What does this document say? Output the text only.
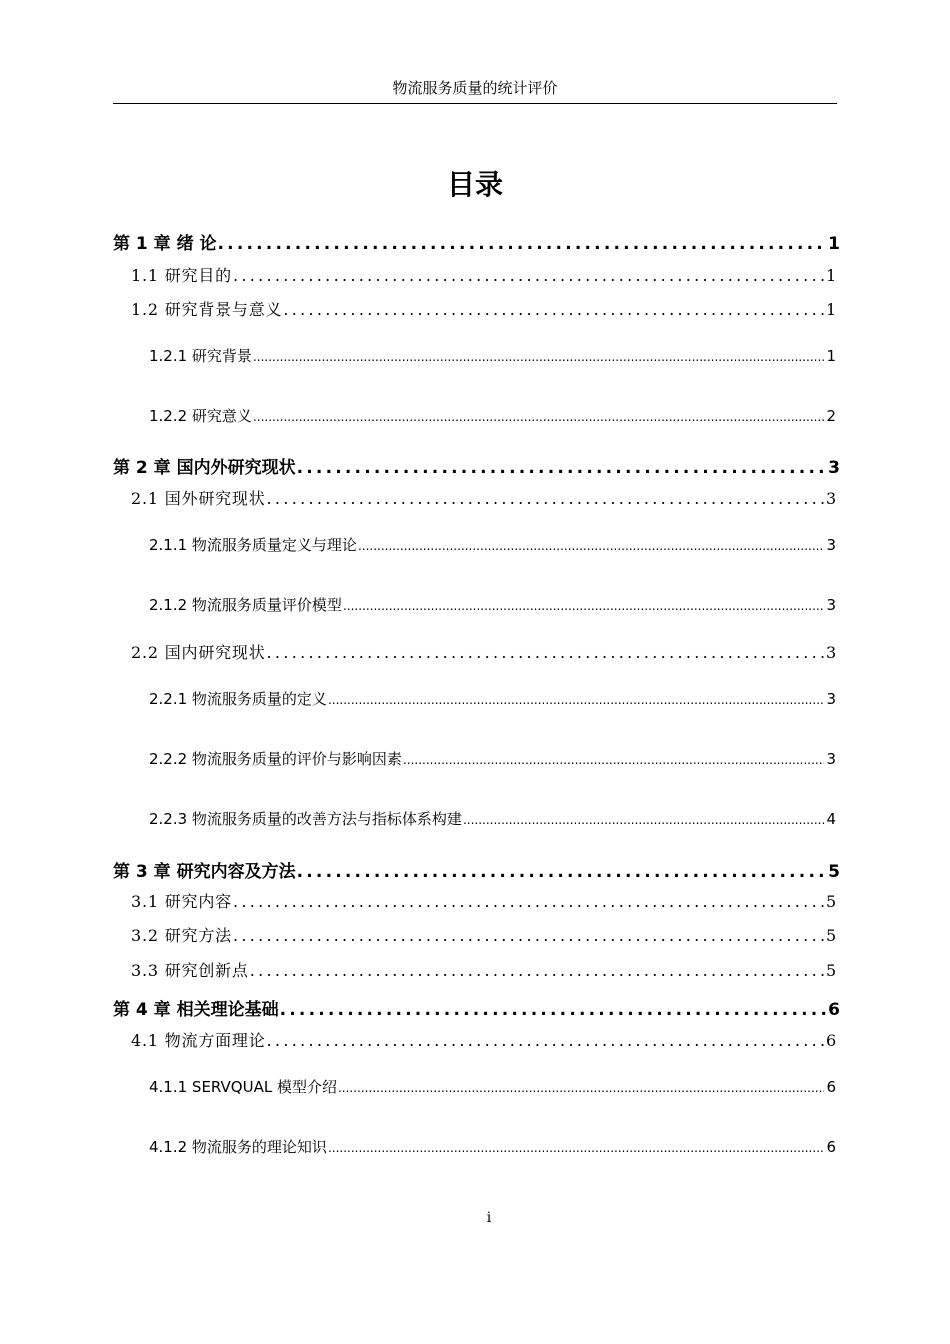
物流服务质量的统计评价
目录
第 1 章 绪 论 .....	1
1.1 研究目的 .....	1
1.2 研究背景与意义 .....	1
1.2.1 研究背景 .....	1
1.2.2 研究意义 .....	2
第 2 章 国内外研究现状 .....	3
2.1 国外研究现状 .....	3
2.1.1 物流服务质量定义与理论 .....	3
2.1.2 物流服务质量评价模型 .....	3
2.2 国内研究现状 .....	3
2.2.1 物流服务质量的定义 .....	3
2.2.2 物流服务质量的评价与影响因素 .....	3
2.2.3 物流服务质量的改善方法与指标体系构建 .....	4
第 3 章 研究内容及方法 .....	5
3.1 研究内容 .....	5
3.2 研究方法 .....	5
3.3 研究创新点 .....	5
第 4 章 相关理论基础 .....	6
4.1 物流方面理论 .....	6
4.1.1 SERVQUAL 模型介绍 .....	6
4.1.2 物流服务的理论知识 .....	6
i
